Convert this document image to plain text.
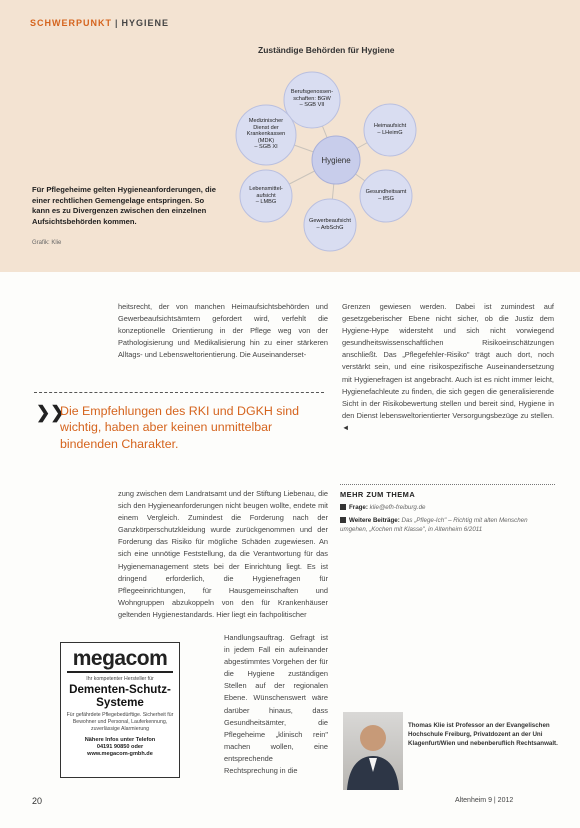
SCHWERPUNKT | HYGIENE
Zuständige Behörden für Hygiene
Berufsgenossen-
schaften: BGW
– SGB VII
Heimaufsicht
– LHeimG
Gesundheitsamt
– IfSG
Gewerbeaufsicht
– ArbSchG
Lebensmittel-
aufsicht
– LMBG
Medizinischer
Dienst der
Krankenkassen
(MDK)
– SGB XI
Hygiene
Für Pflegeheime gelten Hygieneanforderungen, die einer rechtlichen Gemengelage entspringen. So kann es zu Divergenzen zwischen den einzelnen Aufsichtsbehörden kommen.
Grafik: Klie

heitsrecht, der von manchen Heimaufsichtsbehörden und Gewerbeaufsichtsämtern gefordert wird, verfehlt die konzeptionelle Orientierung in der Pflege weg von der Pathologisierung und Medikalisierung hin zu einer stärkeren Alltags- und Lebensweltorientierung. Die Auseinanderset-

❯❯
Die Empfehlungen des RKI und DGKH sind wichtig, haben aber keinen unmittelbar bindenden Charakter.

zung zwischen dem Landratsamt und der Stiftung Liebenau, die sich den Hygieneanforderungen nicht beugen wollte, endete mit einem Vergleich. Zumindest die Forderung nach der Ganzkörperschutzkleidung wurde zurückgenommen und der Forderung das Risiko für mögliche Schäden zugewiesen. An sich eine unnötige Feststellung, da die Verantwortung für das Hygienemanagement stets bei der Einrichtung liegt. Es ist dringend erforderlich, die Hygienefragen für Pflegeeinrichtungen, für Hausgemeinschaften und Wohngruppen abzukoppeln von den für Krankenhäuser geltenden Hygienestandards. Hier liegt ein fachpolitischer

Handlungsauftrag. Gefragt ist in jedem Fall ein aufeinander abgestimmtes Vorgehen der für die Hygiene zuständigen Stellen auf der regionalen Ebene. Wünschenswert wäre darüber hinaus, dass Gesundheitsämter, die Pflegeheime „klinisch rein" machen wollen, eine entsprechende Rechtsprechung in die

Grenzen gewiesen werden. Dabei ist zumindest auf gesetzgeberischer Ebene nicht sicher, ob die Justiz dem Hygiene-Hype widersteht und sich nicht vorwiegend gesundheitswissenschaftlichen Risikoeinschätzungen anschließt. Das „Pflegefehler-Risiko" trägt auch dort, noch verstärkt sein, und eine risikospezifische Auseinandersetzung mit Hygienefragen ist angebracht. Auch ist es nicht immer leicht, Hygienefachleute zu finden, die sich gegen die generalisierende Sicht in der Risikobewertung stellen und bereit sind, Hygiene in den Dienst lebensweltorientierter Versorgungsbezüge zu stellen. ◄

MEHR ZUM THEMA
Frage: klie@efh-freiburg.de
Weitere Beiträge: Das „Pflege-Ich" – Richtig mit alten Menschen umgehen, „Kochen mit Klasse", in Altenheim 6/2011
megacom
Ihr kompetenter Hersteller für
Dementen-Schutz-Systeme
Für gefährdete Pflegebedürftige. Sicherheit für Bewohner und Personal, Lauferkennung, zuverlässige Alarmierung
Nähere Infos unter Telefon
04191 90850 oder
www.megacom-gmbh.de
Thomas Klie ist Professor an der Evangelischen Hochschule Freiburg, Privatdozent an der Uni Klagenfurt/Wien und nebenberuflich Rechtsanwalt.
20	Altenheim 9 | 2012
